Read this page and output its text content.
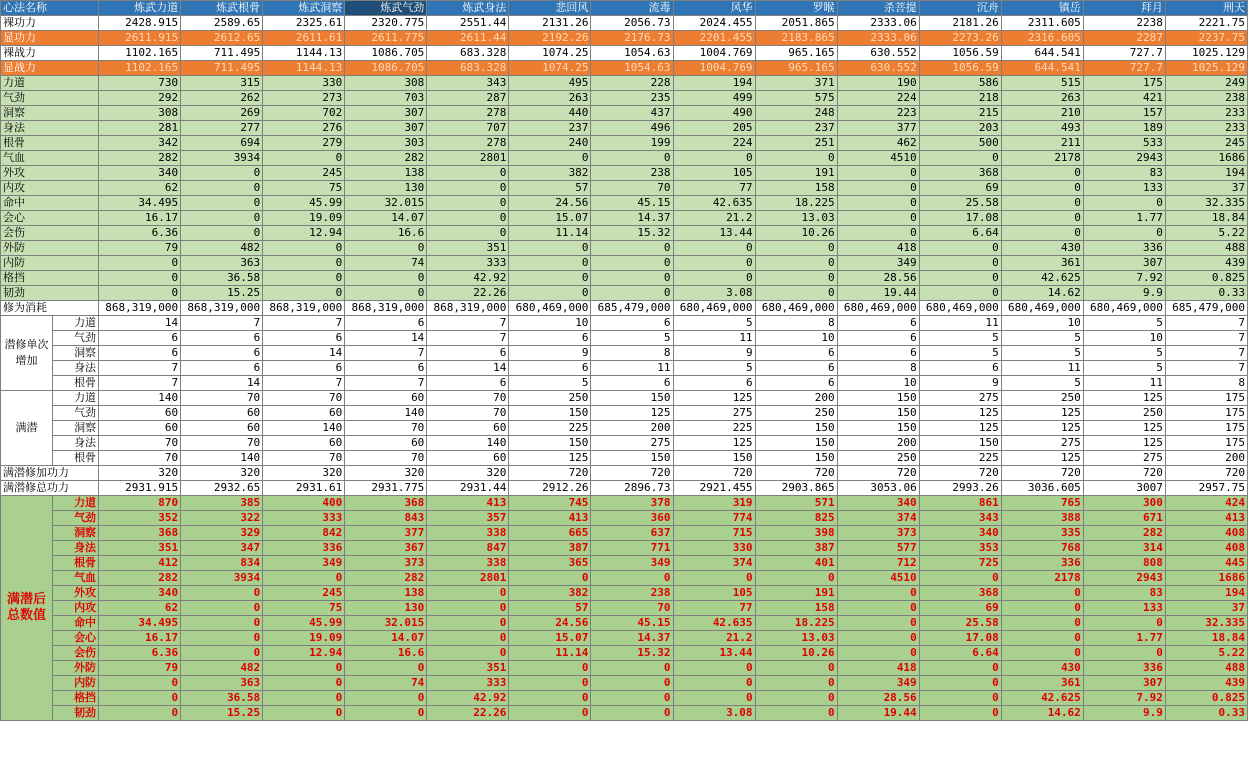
心法名称		炼武力道	炼武根骨	炼武洞察	炼武气劲	炼武身法	悲回风	流毒	风华	罗睺	杀菩提	沉舟	镇岳	拜月	刑天
裸功力		2428.915	2589.65	2325.61	2320.775	2551.44	2131.26	2056.73	2024.455	2051.865	2333.06	2181.26	2311.605	2238	2221.75
显功力		2611.915	2612.65	2611.61	2611.775	2611.44	2192.26	2176.73	2201.455	2183.865	2333.06	2273.26	2316.605	2287	2237.75
裸战力		1102.165	711.495	1144.13	1086.705	683.328	1074.25	1054.63	1004.769	965.165	630.552	1056.59	644.541	727.7	1025.129
显战力		1102.165	711.495	1144.13	1086.705	683.328	1074.25	1054.63	1004.769	965.165	630.552	1056.59	644.541	727.7	1025.129
力道		730	315	330	308	343	495	228	194	371	190	586	515	175	249
气劲		292	262	273	703	287	263	235	499	575	224	218	263	421	238
洞察		308	269	702	307	278	440	437	490	248	223	215	210	157	233
身法		281	277	276	307	707	237	496	205	237	377	203	493	189	233
根骨		342	694	279	303	278	240	199	224	251	462	500	211	533	245
气血		282	3934	0	282	2801	0	0	0	0	4510	0	2178	2943	1686
外攻		340	0	245	138	0	382	238	105	191	0	368	0	83	194
内攻		62	0	75	130	0	57	70	77	158	0	69	0	133	37
命中		34.495	0	45.99	32.015	0	24.56	45.15	42.635	18.225	0	25.58	0	0	32.335
会心		16.17	0	19.09	14.07	0	15.07	14.37	21.2	13.03	0	17.08	0	1.77	18.84
会伤		6.36	0	12.94	16.6	0	11.14	15.32	13.44	10.26	0	6.64	0	0	5.22
外防		79	482	0	0	351	0	0	0	0	418	0	430	336	488
内防		0	363	0	74	333	0	0	0	0	349	0	361	307	439
格挡		0	36.58	0	0	42.92	0	0	0	0	28.56	0	42.625	7.92	0.825
韧劲		0	15.25	0	0	22.26	0	0	3.08	0	19.44	0	14.62	9.9	0.33
修为消耗		868,319,000	868,319,000	868,319,000	868,319,000	868,319,000	680,469,000	685,479,000	680,469,000	680,469,000	680,469,000	680,469,000	680,469,000	680,469,000	685,479,000
潜修单次增加	力道	14	7	7	6	7	10	6	5	8	6	11	10	5	7
	气劲	6	6	6	14	7	6	5	11	10	6	5	5	10	7
	洞察	6	6	14	7	6	9	8	9	6	6	5	5	5	7
	身法	7	6	6	6	14	6	11	5	6	8	6	11	5	7
	根骨	7	14	7	7	6	5	6	6	6	10	9	5	11	8
满潜	力道	140	70	70	60	70	250	150	125	200	150	275	250	125	175
	气劲	60	60	60	140	70	150	125	275	250	150	125	125	250	175
	洞察	60	60	140	70	60	225	200	225	150	150	125	125	125	175
	身法	70	70	60	60	140	150	275	125	150	200	150	275	125	175
	根骨	70	140	70	70	60	125	150	150	150	250	225	125	275	200
满潜修加功力		320	320	320	320	320	720	720	720	720	720	720	720	720	720
满潜修总功力		2931.915	2932.65	2931.61	2931.775	2931.44	2912.26	2896.73	2921.455	2903.865	3053.06	2993.26	3036.605	3007	2957.75
满潜后总数值	力道	870	385	400	368	413	745	378	319	571	340	861	765	300	424
	气劲	352	322	333	843	357	413	360	774	825	374	343	388	671	413
	洞察	368	329	842	377	338	665	637	715	398	373	340	335	282	408
	身法	351	347	336	367	847	387	771	330	387	577	353	768	314	408
	根骨	412	834	349	373	338	365	349	374	401	712	725	336	808	445
	气血	282	3934	0	282	2801	0	0	0	0	4510	0	2178	2943	1686
	外攻	340	0	245	138	0	382	238	105	191	0	368	0	83	194
	内攻	62	0	75	130	0	57	70	77	158	0	69	0	133	37
	命中	34.495	0	45.99	32.015	0	24.56	45.15	42.635	18.225	0	25.58	0	0	32.335
	会心	16.17	0	19.09	14.07	0	15.07	14.37	21.2	13.03	0	17.08	0	1.77	18.84
	会伤	6.36	0	12.94	16.6	0	11.14	15.32	13.44	10.26	0	6.64	0	0	5.22
	外防	79	482	0	0	351	0	0	0	0	418	0	430	336	488
	内防	0	363	0	74	333	0	0	0	0	349	0	361	307	439
	格挡	0	36.58	0	0	42.92	0	0	0	0	28.56	0	42.625	7.92	0.825
	韧劲	0	15.25	0	0	22.26	0	0	3.08	0	19.44	0	14.62	9.9	0.33
